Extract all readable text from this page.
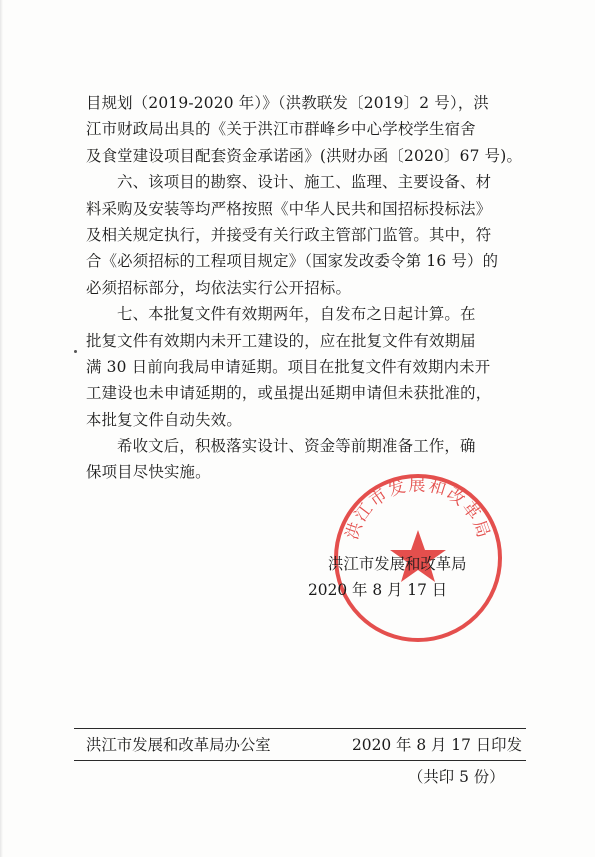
目规划（2019-2020 年）》（洪教联发〔2019〕2 号），洪
江市财政局出具的《关于洪江市群峰乡中心学校学生宿舍
及食堂建设项目配套资金承诺函》(洪财办函〔2020〕67 号)。
六、该项目的勘察、设计、施工、监理、主要设备、材
料采购及安装等均严格按照《中华人民共和国招标投标法》
及相关规定执行，并接受有关行政主管部门监管。其中，符
合《必须招标的工程项目规定》（国家发改委令第 16 号）的
必须招标部分，均依法实行公开招标。
七、本批复文件有效期两年，自发布之日起计算。在
批复文件有效期内未开工建设的，应在批复文件有效期届
满 30 日前向我局申请延期。项目在批复文件有效期内未开
工建设也未申请延期的，或虽提出延期申请但未获批准的，
本批复文件自动失效。
希收文后，积极落实设计、资金等前期准备工作，确
保项目尽快实施。
洪江市发展和改革局
洪江市发展和改革局
2020 年 8 月 17 日
洪江市发展和改革局办公室	2020 年 8 月 17 日印发
（共印 5 份）
